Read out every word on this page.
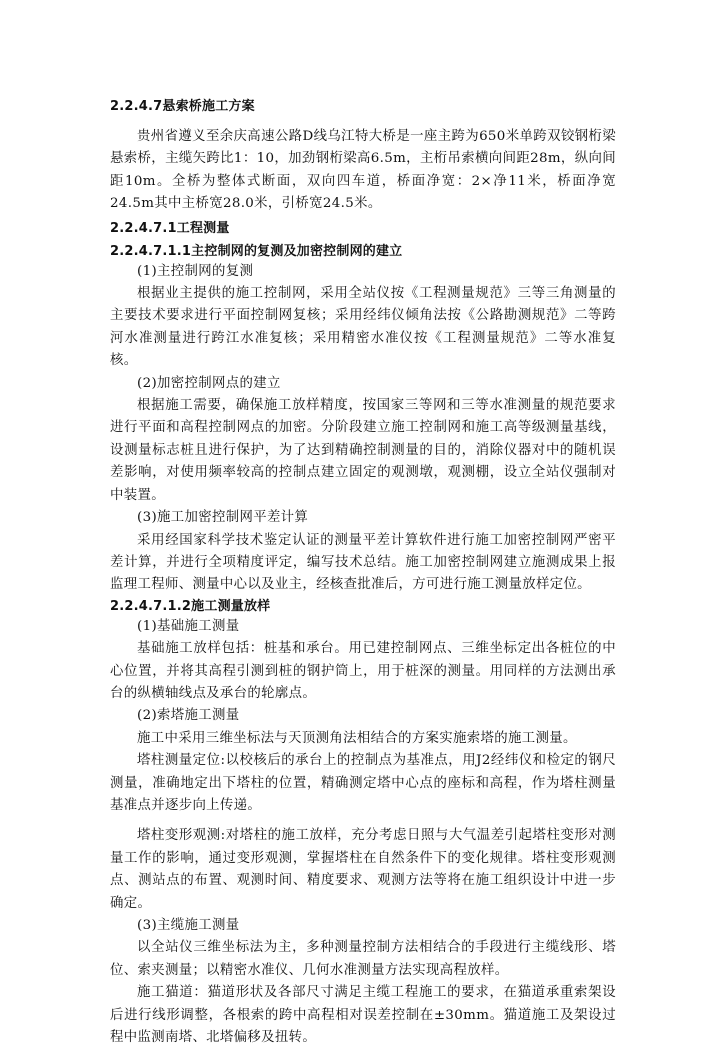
2.2.4.7悬索桥施工方案

贵州省遵义至余庆高速公路D线乌江特大桥是一座主跨为650米单跨双铰钢桁梁悬索桥，主缆矢跨比1：10，加劲钢桁梁高6.5m，主桁吊索横向间距28m，纵向间距10m。全桥为整体式断面，双向四车道，桥面净宽：2×净11米，桥面净宽24.5m其中主桥宽28.0米，引桥宽24.5米。

2.2.4.7.1工程测量

2.2.4.7.1.1主控制网的复测及加密控制网的建立

(1)主控制网的复测

根据业主提供的施工控制网，采用全站仪按《工程测量规范》三等三角测量的主要技术要求进行平面控制网复核；采用经纬仪倾角法按《公路勘测规范》二等跨河水准测量进行跨江水准复核；采用精密水准仪按《工程测量规范》二等水准复核。

(2)加密控制网点的建立

根据施工需要，确保施工放样精度，按国家三等网和三等水准测量的规范要求进行平面和高程控制网点的加密。分阶段建立施工控制网和施工高等级测量基线，设测量标志桩且进行保护，为了达到精确控制测量的目的，消除仪器对中的随机误差影响，对使用频率较高的控制点建立固定的观测墩，观测棚，设立全站仪强制对中装置。

(3)施工加密控制网平差计算

采用经国家科学技术鉴定认证的测量平差计算软件进行施工加密控制网严密平差计算，并进行全项精度评定，编写技术总结。施工加密控制网建立施测成果上报监理工程师、测量中心以及业主，经核查批准后，方可进行施工测量放样定位。

2.2.4.7.1.2施工测量放样

(1)基础施工测量

基础施工放样包括：桩基和承台。用已建控制网点、三维坐标定出各桩位的中心位置，并将其高程引测到桩的钢护筒上，用于桩深的测量。用同样的方法测出承台的纵横轴线点及承台的轮廓点。

(2)索塔施工测量

施工中采用三维坐标法与天顶测角法相结合的方案实施索塔的施工测量。

塔柱测量定位:以校核后的承台上的控制点为基准点，用J2经纬仪和检定的钢尺测量，准确地定出下塔柱的位置，精确测定塔中心点的座标和高程，作为塔柱测量基准点并逐步向上传递。

塔柱变形观测:对塔柱的施工放样，充分考虑日照与大气温差引起塔柱变形对测量工作的影响，通过变形观测，掌握塔柱在自然条件下的变化规律。塔柱变形观测点、测站点的布置、观测时间、精度要求、观测方法等将在施工组织设计中进一步确定。

(3)主缆施工测量

以全站仪三维坐标法为主，多种测量控制方法相结合的手段进行主缆线形、塔位、索夹测量；以精密水准仪、几何水准测量方法实现高程放样。

施工猫道：猫道形状及各部尺寸满足主缆工程施工的要求，在猫道承重索架设后进行线形调整，各根索的跨中高程相对误差控制在±30mm。猫道施工及架设过程中监测南塔、北塔偏移及扭转。
